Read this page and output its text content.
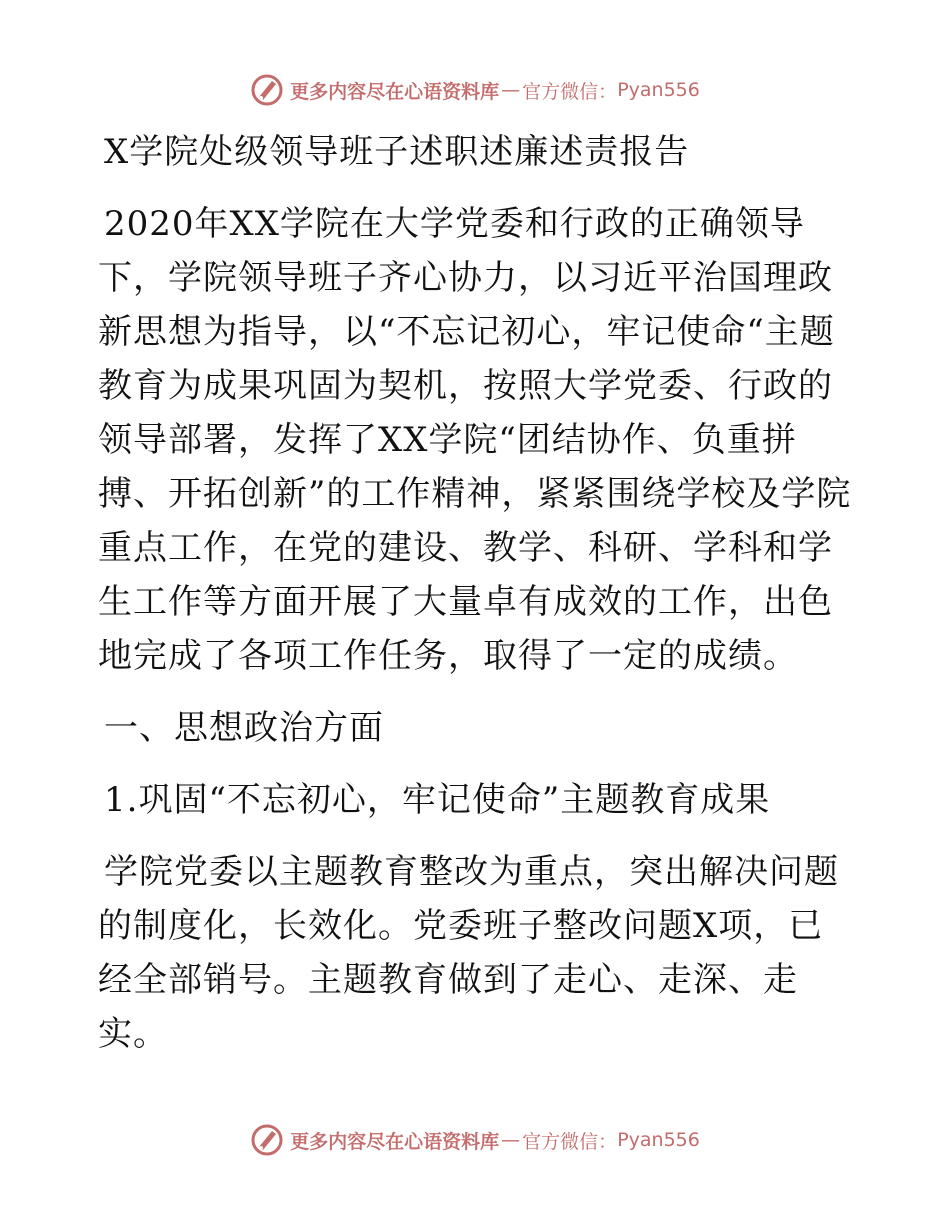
更多内容尽在心语资料库 — 官方微信： Pyan556

X学院处级领导班子述职述廉述责报告

2020年XX学院在大学党委和行政的正确领导下，学院领导班子齐心协力，以习近平治国理政新思想为指导，以“不忘记初心，牢记使命“主题教育为成果巩固为契机，按照大学党委、行政的领导部署，发挥了XX学院“团结协作、负重拼搏、开拓创新”的工作精神，紧紧围绕学校及学院重点工作，在党的建设、教学、科研、学科和学生工作等方面开展了大量卓有成效的工作，出色地完成了各项工作任务，取得了一定的成绩。

一、思想政治方面

1.巩固“不忘初心，牢记使命”主题教育成果

学院党委以主题教育整改为重点，突出解决问题的制度化，长效化。党委班子整改问题X项，已经全部销号。主题教育做到了走心、走深、走实。

更多内容尽在心语资料库 — 官方微信： Pyan556
